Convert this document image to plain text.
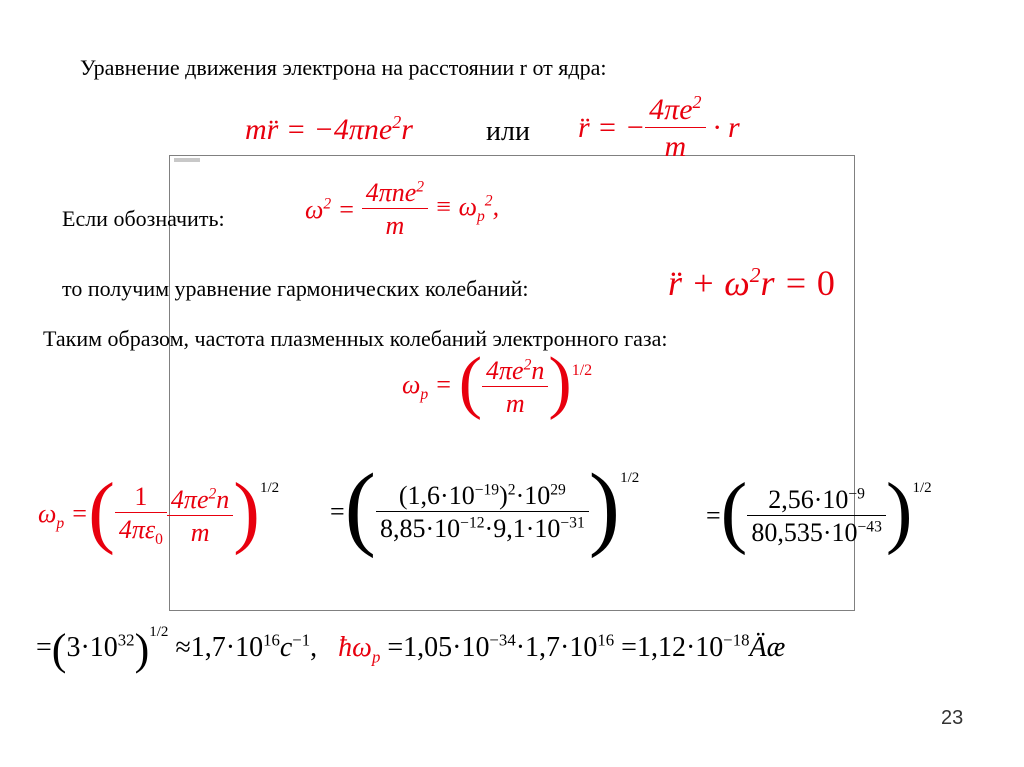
Уравнение движения электрона на расстоянии r от ядра:
mr̈ = −4πne$^2$r	или r̈ = − $\frac{4\pi e^2}{m} \cdot r$
Если обозначить:	$\omega^2 = \frac{4\pi ne^2}{m} \equiv \omega_p^2$,
то получим уравнение гармонических колебаний:	r̈ + $\omega^2r = 0$
Таким образом, частота плазменных колебаний электронного газа:
$\omega_p$ = ( $\frac{4\pi e^2n}{m} )1/2$
$\omega_p$ =( $\frac{1}{4\pi\varepsilon_0} \frac{4\pi e^2n}{m} )1/2$
=( $\frac{(1,6\cdot 10^{-19})^2\cdot 10^{29}}{8,85\cdot 10^{-12}\cdot 9,1\cdot 10^{-31}} )1/2$
=( $\frac{2,56\cdot 10^{-9}}{80,535\cdot 10^{-43}} )1/2$
$=(3\cdot 10^{32})^{1/2} \approx 1,7\cdot 10^{16}c^{-1}$,   $ħ\omega_p =1,05\cdot 10^{-34}\cdot 1,7\cdot 10^{16}$ $=1,12\cdot 10^{-18}Äæ$
23
